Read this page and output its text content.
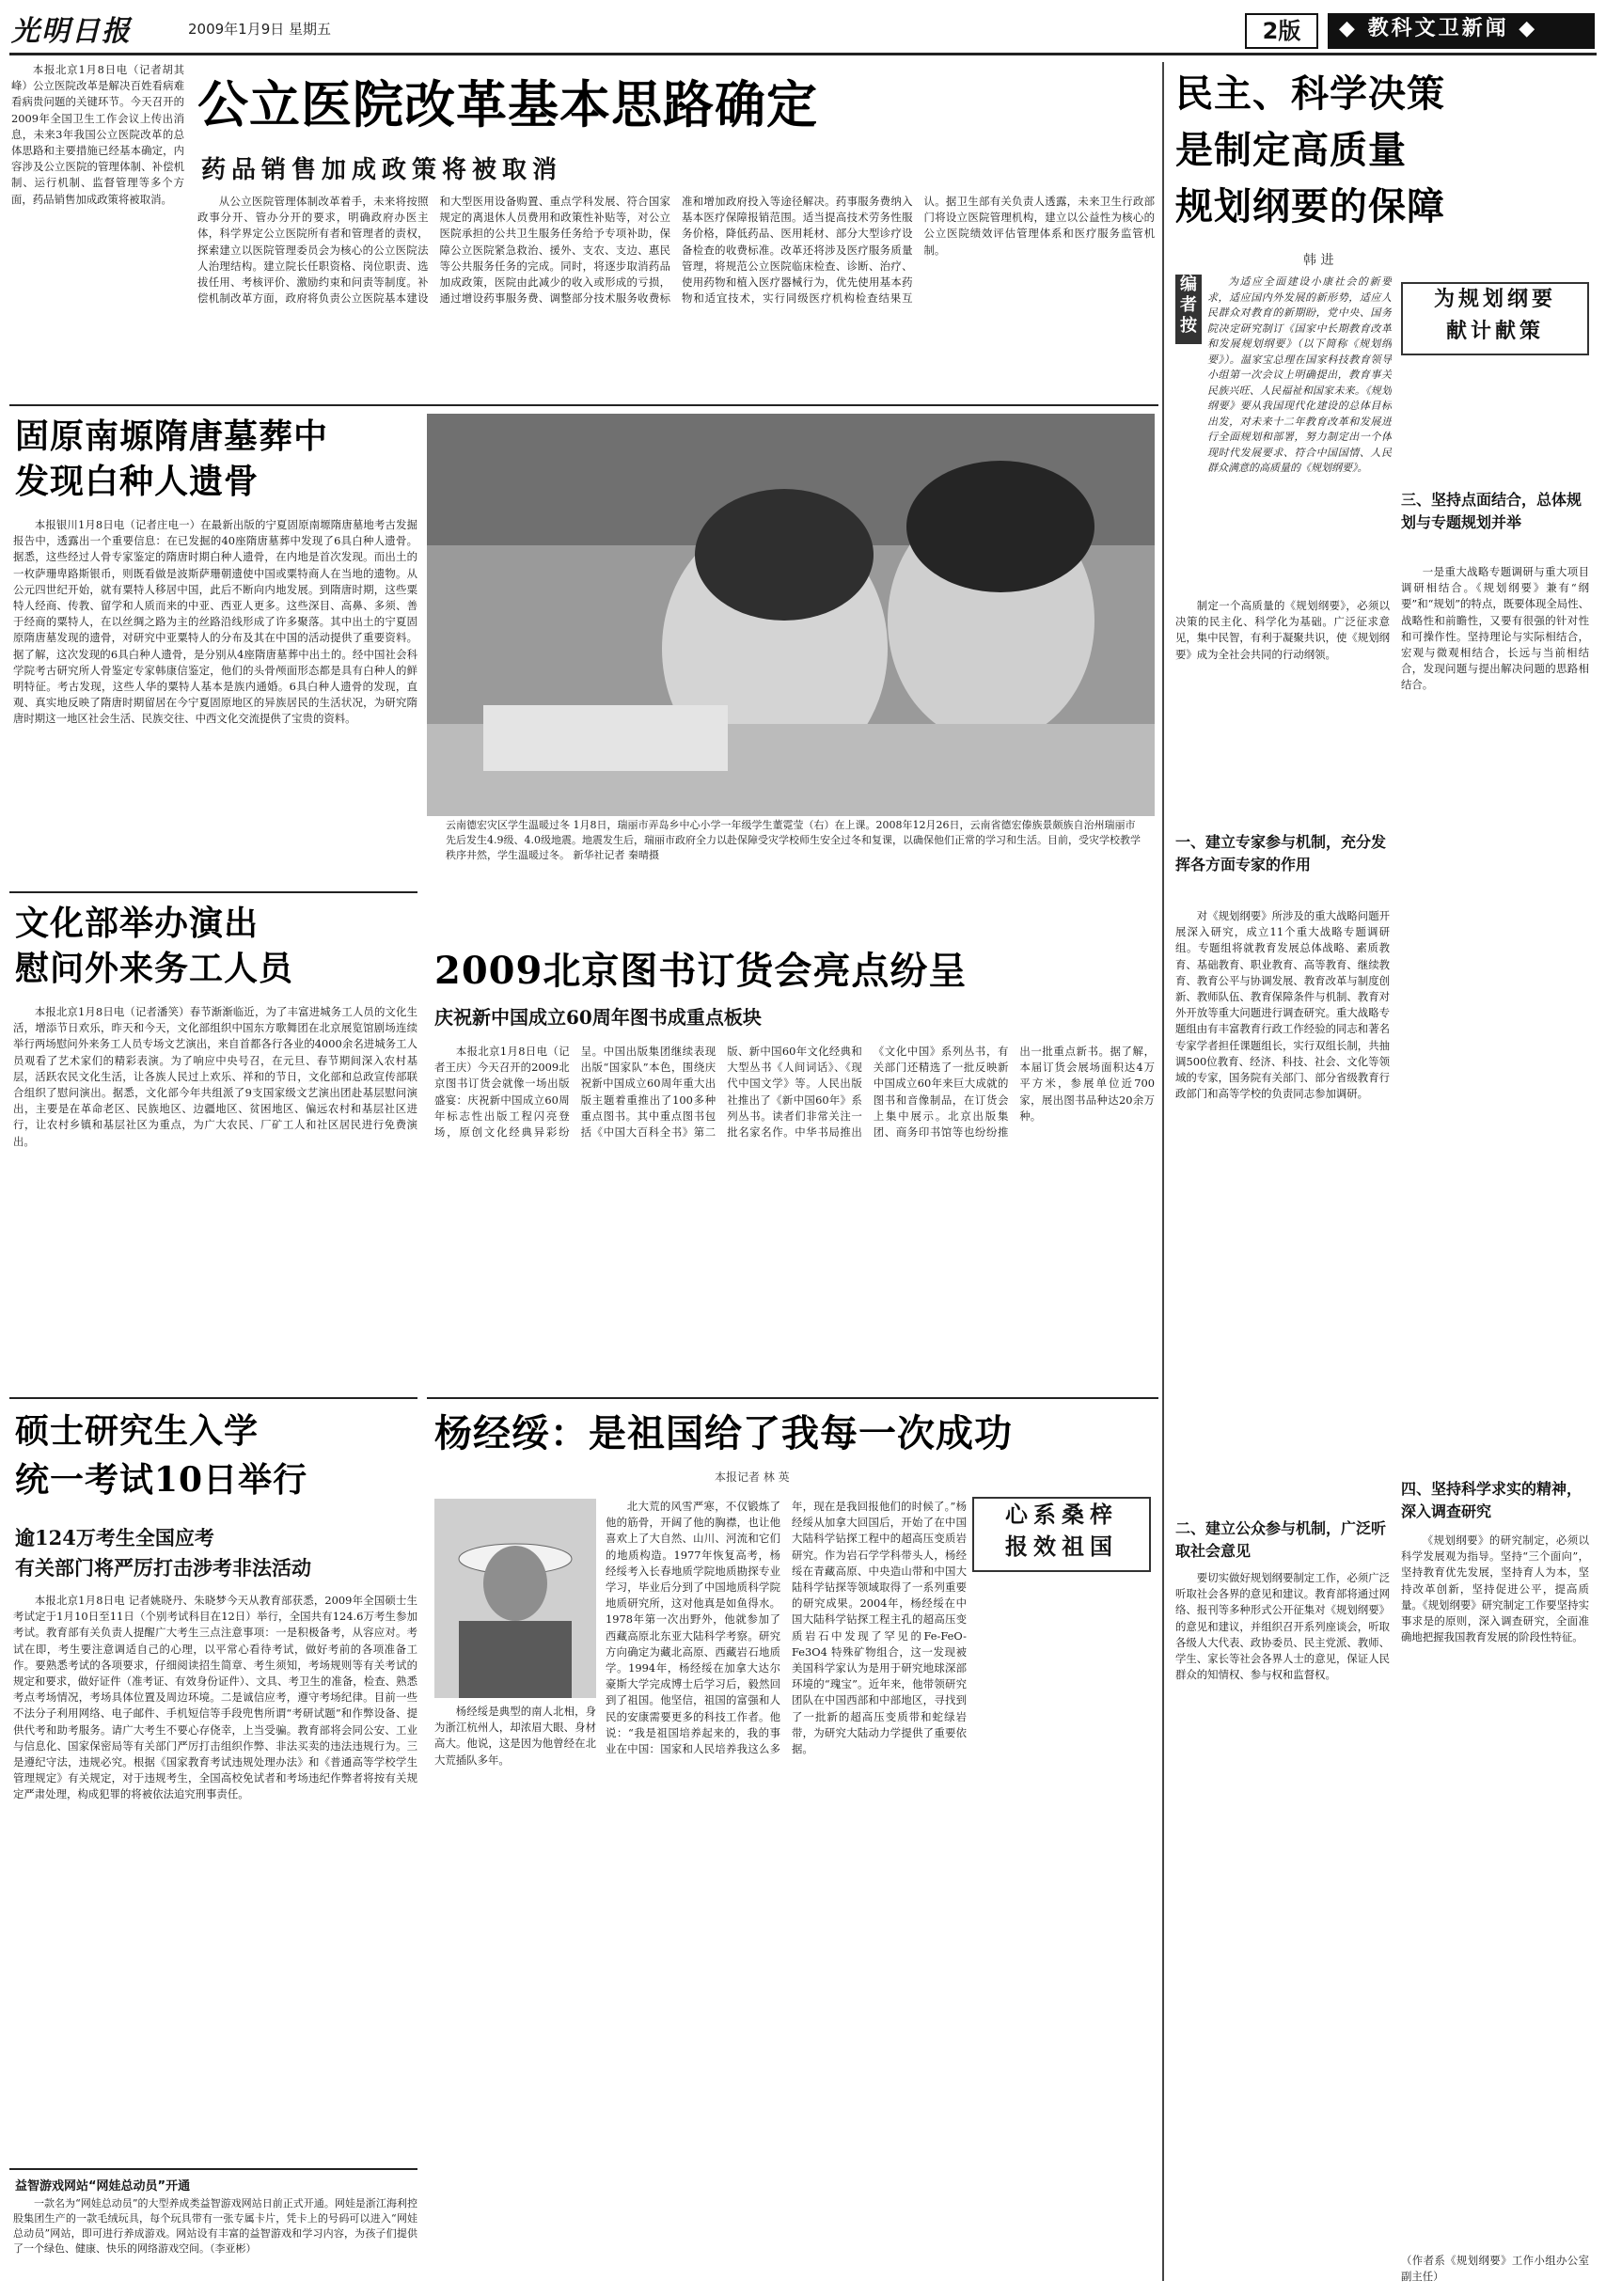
光明日报	2009年1月9日 星期五	2版	◆ 教科文卫新闻 ◆

本报北京1月8日电（记者胡其峰）公立医院改革是解决百姓看病难看病贵问题的关键环节。今天召开的2009年全国卫生工作会议上传出消息，未来3年我国公立医院改革的总体思路和主要措施已经基本确定，内容涉及公立医院的管理体制、补偿机制、运行机制、监督管理等多个方面，药品销售加成政策将被取消。

公立医院改革基本思路确定
药品销售加成政策将被取消

从公立医院管理体制改革着手，未来将按照政事分开、管办分开的要求，明确政府办医主体，科学界定公立医院所有者和管理者的责权，探索建立以医院管理委员会为核心的公立医院法人治理结构。建立院长任职资格、岗位职责、选拔任用、考核评价、激励约束和问责等制度。补偿机制改革方面，政府将负责公立医院基本建设和大型医用设备购置、重点学科发展、符合国家规定的离退休人员费用和政策性补贴等，对公立医院承担的公共卫生服务任务给予专项补助，保障公立医院紧急救治、援外、支农、支边、惠民等公共服务任务的完成。同时，将逐步取消药品加成政策，医院由此减少的收入或形成的亏损，通过增设药事服务费、调整部分技术服务收费标准和增加政府投入等途径解决。药事服务费纳入基本医疗保障报销范围。适当提高技术劳务性服务价格，降低药品、医用耗材、部分大型诊疗设备检查的收费标准。改革还将涉及医疗服务质量管理，将规范公立医院临床检查、诊断、治疗、使用药物和植入医疗器械行为，优先使用基本药物和适宜技术，实行同级医疗机构检查结果互认。据卫生部有关负责人透露，未来卫生行政部门将设立医院管理机构，建立以公益性为核心的公立医院绩效评估管理体系和医疗服务监管机制。

固原南塬隋唐墓葬中
发现白种人遗骨

本报银川1月8日电（记者庄电一）在最新出版的宁夏固原南塬隋唐墓地考古发掘报告中，透露出一个重要信息：在已发掘的40座隋唐墓葬中发现了6具白种人遗骨。据悉，这些经过人骨专家鉴定的隋唐时期白种人遗骨，在内地是首次发现。而出土的一枚萨珊卑路斯银币，则既看做是波斯萨珊朝遗使中国或粟特商人在当地的遗物。从公元四世纪开始，就有粟特人移居中国，此后不断向内地发展。到隋唐时期，这些粟特人经商、传教、留学和人质而来的中亚、西亚人更多。这些深目、高鼻、多须、善于经商的粟特人，在以丝绸之路为主的丝路沿线形成了许多聚落。其中出土的宁夏固原隋唐墓发现的遗骨，对研究中亚粟特人的分布及其在中国的活动提供了重要资料。据了解，这次发现的6具白种人遗骨，是分别从4座隋唐墓葬中出土的。经中国社会科学院考古研究所人骨鉴定专家韩康信鉴定，他们的头骨颅面形态都是具有白种人的鲜明特征。考古发现，这些人华的粟特人基本是族内通婚。6具白种人遗骨的发现，直观、真实地反映了隋唐时期留居在今宁夏固原地区的异族居民的生活状况，为研究隋唐时期这一地区社会生活、民族交往、中西文化交流提供了宝贵的资料。

云南德宏灾区学生温暖过冬 1月8日，瑞丽市弄岛乡中心小学一年级学生董霓莹（右）在上课。2008年12月26日，云南省德宏傣族景颇族自治州瑞丽市先后发生4.9级、4.0级地震。地震发生后，瑞丽市政府全力以赴保障受灾学校师生安全过冬和复课，以确保他们正常的学习和生活。目前，受灾学校教学秩序井然，学生温暖过冬。 新华社记者 秦晴摄
文化部举办演出
慰问外来务工人员

本报北京1月8日电（记者潘笑）春节渐渐临近，为了丰富进城务工人员的文化生活，增添节日欢乐，昨天和今天，文化部组织中国东方歌舞团在北京展览馆剧场连续举行两场慰问外来务工人员专场文艺演出，来自首都各行各业的4000余名进城务工人员观看了艺术家们的精彩表演。为了响应中央号召，在元旦、春节期间深入农村基层，活跃农民文化生活，让各族人民过上欢乐、祥和的节日，文化部和总政宣传部联合组织了慰问演出。据悉，文化部今年共组派了9支国家级文艺演出团赴基层慰问演出，主要是在革命老区、民族地区、边疆地区、贫困地区、偏远农村和基层社区进行，让农村乡镇和基层社区为重点，为广大农民、厂矿工人和社区居民进行免费演出。

2009北京图书订货会亮点纷呈
庆祝新中国成立60周年图书成重点板块

本报北京1月8日电（记者王庆）今天召开的2009北京图书订货会就像一场出版盛宴：庆祝新中国成立60周年标志性出版工程闪亮登场，原创文化经典异彩纷呈。中国出版集团继续表现出版“国家队”本色，围绕庆祝新中国成立60周年重大出版主题着重推出了100多种重点图书。其中重点图书包括《中国大百科全书》第二版、新中国60年文化经典和大型丛书《人间词话》、《现代中国文学》等。人民出版社推出了《新中国60年》系列丛书。读者们非常关注一批名家名作。中华书局推出《文化中国》系列丛书，有关部门还精选了一批反映新中国成立60年来巨大成就的图书和音像制品，在订货会上集中展示。北京出版集团、商务印书馆等也纷纷推出一批重点新书。据了解，本届订货会展场面积达4万平方米，参展单位近700家，展出图书品种达20余万种。

硕士研究生入学
统一考试10日举行
逾124万考生全国应考
有关部门将严厉打击涉考非法活动

本报北京1月8日电 记者姚晓丹、朱晓梦今天从教育部获悉，2009年全国硕士生考试定于1月10日至11日（个别考试科目在12日）举行，全国共有124.6万考生参加考试。教育部有关负责人提醒广大考生三点注意事项：一是积极备考，从容应对。考试在即，考生要注意调适自己的心理，以平常心看待考试，做好考前的各项准备工作。要熟悉考试的各项要求，仔细阅读招生简章、考生须知，考场规则等有关考试的规定和要求，做好证件（准考证、有效身份证件）、文具、考卫生的准备，检查、熟悉考点考场情况，考场具体位置及周边环境。二是诚信应考，遵守考场纪律。目前一些不法分子利用网络、电子邮件、手机短信等手段兜售所谓“考研试题”和作弊设备、提供代考和助考服务。请广大考生不要心存侥幸，上当受骗。教育部将会同公安、工业与信息化、国家保密局等有关部门严厉打击组织作弊、非法买卖的违法违规行为。三是遵纪守法，违规必究。根据《国家教育考试违规处理办法》和《普通高等学校学生管理规定》有关规定，对于违规考生，全国高校免试者和考场违纪作弊者将按有关规定严肃处理，构成犯罪的将被依法追究刑事责任。

益智游戏网站“网娃总动员”开通

一款名为“网娃总动员”的大型养成类益智游戏网站日前正式开通。网娃是浙江海利控股集团生产的一款毛绒玩具，每个玩具带有一张专属卡片，凭卡上的号码可以进入“网娃总动员”网站，即可进行养成游戏。网站设有丰富的益智游戏和学习内容，为孩子们提供了一个绿色、健康、快乐的网络游戏空间。（李亚彬）

杨经绥：是祖国给了我每一次成功
本报记者 林 英

杨经绥是典型的南人北相，身为浙江杭州人，却浓眉大眼、身材高大。他说，这是因为他曾经在北大荒插队多年。

心系桑梓
报效祖国

北大荒的风雪严寒，不仅锻炼了他的筋骨，开阔了他的胸襟，也让他喜欢上了大自然、山川、河流和它们的地质构造。1977年恢复高考，杨经绥考入长春地质学院地质勘探专业学习，毕业后分到了中国地质科学院地质研究所，这对他真是如鱼得水。1978年第一次出野外，他就参加了西藏高原北东亚大陆科学考察。研究方向确定为藏北高原、西藏岩石地质学。1994年，杨经绥在加拿大达尔豪斯大学完成博士后学习后，毅然回到了祖国。他坚信，祖国的富强和人民的安康需要更多的科技工作者。他说：“我是祖国培养起来的，我的事业在中国：国家和人民培养我这么多年，现在是我回报他们的时候了。”杨经绥从加拿大回国后，开始了在中国大陆科学钻探工程中的超高压变质岩研究。作为岩石学学科带头人，杨经绥在青藏高原、中央造山带和中国大陆科学钻探等领域取得了一系列重要的研究成果。2004年，杨经绥在中国大陆科学钻探工程主孔的超高压变质岩石中发现了罕见的Fe-FeO-Fe3O4 特殊矿物组合，这一发现被美国科学家认为是用于研究地球深部环境的“瑰宝”。近年来，他带领研究团队在中国西部和中部地区，寻找到了一批新的超高压变质带和蛇绿岩带，为研究大陆动力学提供了重要依据。

民主、科学决策
是制定高质量
规划纲要的保障
韩 进
编者按
为规划纲要
献计献策

为适应全面建设小康社会的新要求，适应国内外发展的新形势，适应人民群众对教育的新期盼，党中央、国务院决定研究制订《国家中长期教育改革和发展规划纲要》（以下简称《规划纲要》）。温家宝总理在国家科技教育领导小组第一次会议上明确提出，教育事关民族兴旺、人民福祉和国家未来。《规划纲要》要从我国现代化建设的总体目标出发，对未来十二年教育改革和发展进行全面规划和部署，努力制定出一个体现时代发展要求、符合中国国情、人民群众满意的高质量的《规划纲要》。

制定一个高质量的《规划纲要》，必须以决策的民主化、科学化为基础。广泛征求意见，集中民智，有利于凝聚共识，使《规划纲要》成为全社会共同的行动纲领。

一、建立专家参与机制，充分发挥各方面专家的作用

对《规划纲要》所涉及的重大战略问题开展深入研究，成立11个重大战略专题调研组。专题组将就教育发展总体战略、素质教育、基础教育、职业教育、高等教育、继续教育、教育公平与协调发展、教育改革与制度创新、教师队伍、教育保障条件与机制、教育对外开放等重大问题进行调查研究。重大战略专题组由有丰富教育行政工作经验的同志和著名专家学者担任课题组长，实行双组长制，共抽调500位教育、经济、科技、社会、文化等领域的专家，国务院有关部门、部分省级教育行政部门和高等学校的负责同志参加调研。

二、建立公众参与机制，广泛听取社会意见

要切实做好规划纲要制定工作，必须广泛听取社会各界的意见和建议。教育部将通过网络、报刊等多种形式公开征集对《规划纲要》的意见和建议，并组织召开系列座谈会，听取各级人大代表、政协委员、民主党派、教师、学生、家长等社会各界人士的意见，保证人民群众的知情权、参与权和监督权。

三、坚持点面结合，总体规划与专题规划并举

一是重大战略专题调研与重大项目调研相结合。《规划纲要》兼有“纲要”和“规划”的特点，既要体现全局性、战略性和前瞻性，又要有很强的针对性和可操作性。坚持理论与实际相结合，宏观与微观相结合，长远与当前相结合，发现问题与提出解决问题的思路相结合。

四、坚持科学求实的精神，深入调查研究

《规划纲要》的研究制定，必须以科学发展观为指导。坚持“三个面向”，坚持教育优先发展，坚持育人为本，坚持改革创新，坚持促进公平，提高质量。《规划纲要》研究制定工作要坚持实事求是的原则，深入调查研究，全面准确地把握我国教育发展的阶段性特征。

（作者系《规划纲要》工作小组办公室副主任）
